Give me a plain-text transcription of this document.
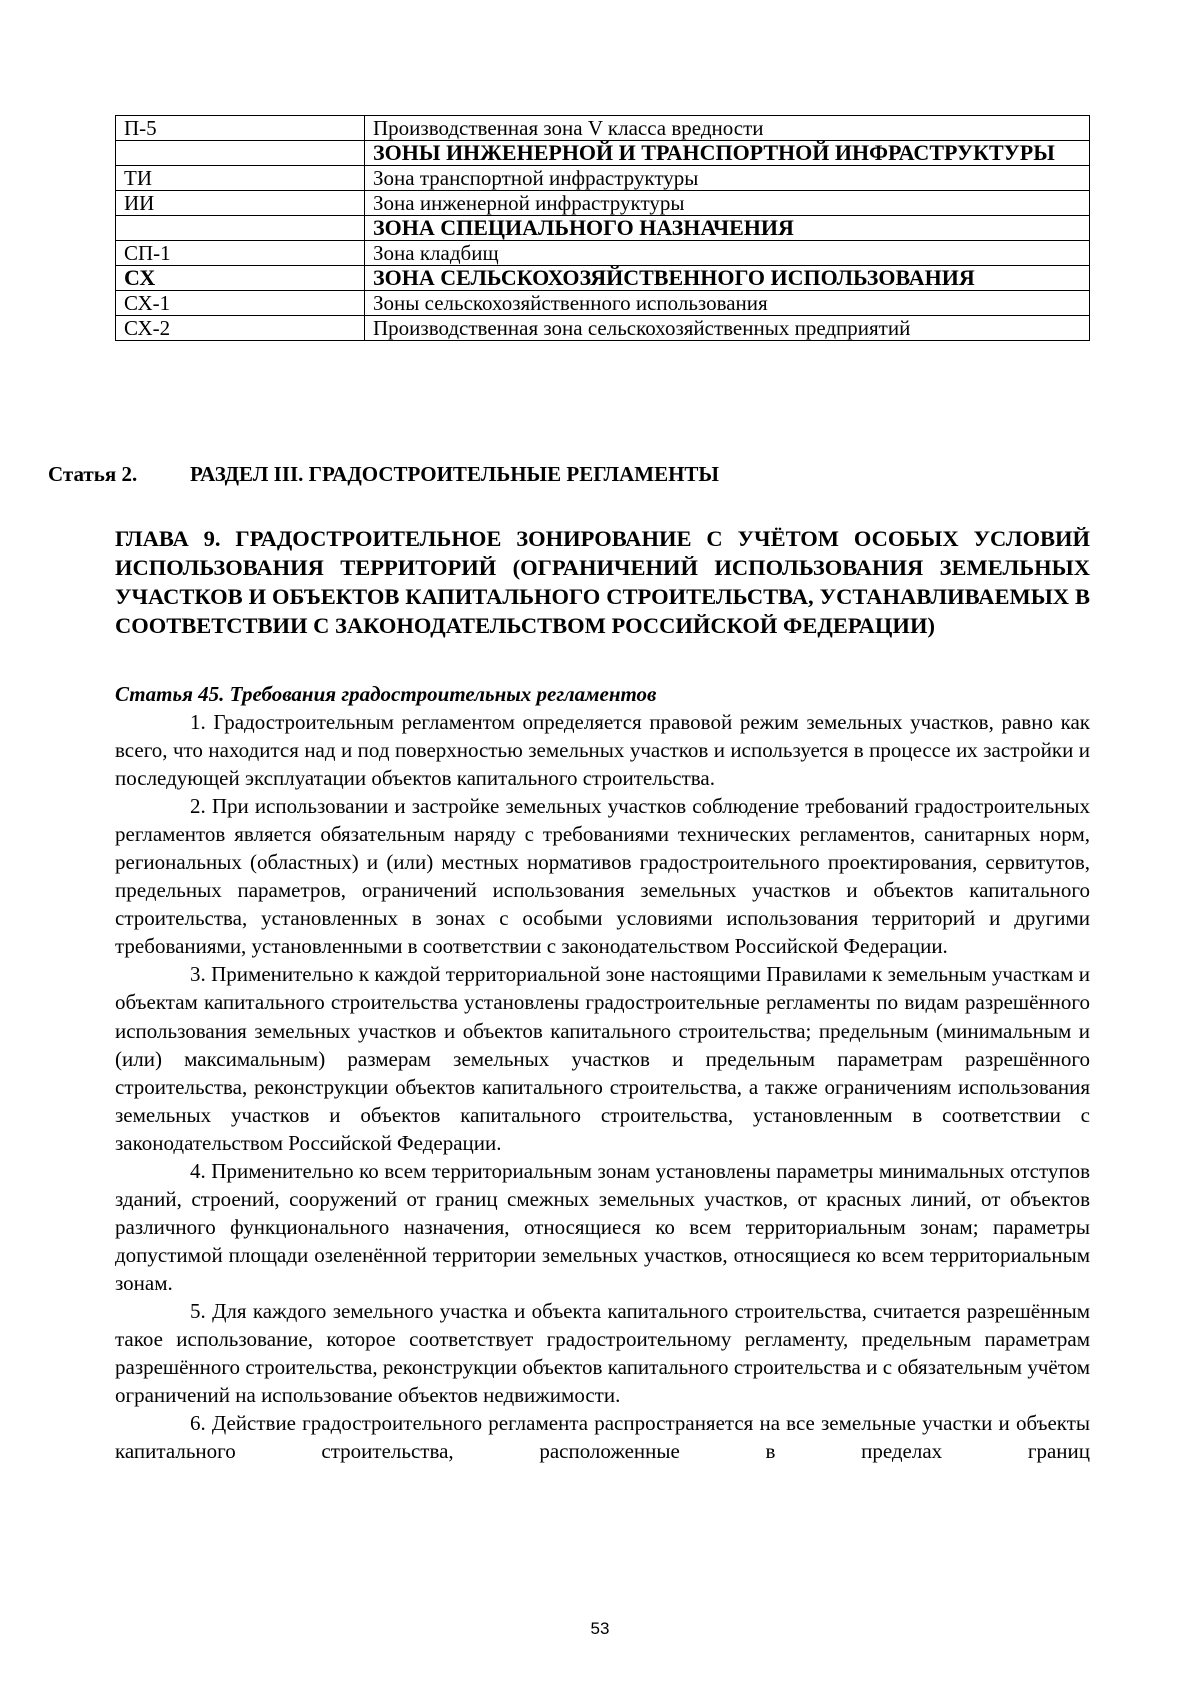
П-5	Производственная зона V класса вредности
	ЗОНЫ ИНЖЕНЕРНОЙ И ТРАНСПОРТНОЙ ИНФРАСТРУКТУРЫ
ТИ	Зона транспортной инфраструктуры
ИИ	Зона инженерной инфраструктуры
	ЗОНА СПЕЦИАЛЬНОГО НАЗНАЧЕНИЯ
СП-1	Зона кладбищ
СХ	ЗОНА СЕЛЬСКОХОЗЯЙСТВЕННОГО ИСПОЛЬЗОВАНИЯ
СХ-1	Зоны сельскохозяйственного использования
СХ-2	Производственная зона сельскохозяйственных предприятий
Статья 2.	РАЗДЕЛ III. ГРАДОСТРОИТЕЛЬНЫЕ РЕГЛАМЕНТЫ
ГЛАВА 9. ГРАДОСТРОИТЕЛЬНОЕ ЗОНИРОВАНИЕ С УЧЁТОМ ОСОБЫХ УСЛОВИЙ ИСПОЛЬЗОВАНИЯ ТЕРРИТОРИЙ (ОГРАНИЧЕНИЙ ИСПОЛЬЗОВАНИЯ ЗЕМЕЛЬНЫХ УЧАСТКОВ И ОБЪЕКТОВ КАПИТАЛЬНОГО СТРОИТЕЛЬСТВА, УСТАНАВЛИВАЕМЫХ В СООТВЕТСТВИИ С ЗАКОНОДАТЕЛЬСТВОМ РОССИЙСКОЙ ФЕДЕРАЦИИ)
Статья 45. Требования градостроительных регламентов

1. Градостроительным регламентом определяется правовой режим земельных участков, равно как всего, что находится над и под поверхностью земельных участков и используется в процессе их застройки и последующей эксплуатации объектов капитального строительства.

2. При использовании и застройке земельных участков соблюдение требований градостроительных регламентов является обязательным наряду с требованиями технических регламентов, санитарных норм, региональных (областных) и (или) местных нормативов градостроительного проектирования, сервитутов, предельных параметров, ограничений использования земельных участков и объектов капитального строительства, установленных в зонах с особыми условиями использования территорий и другими требованиями, установленными в соответствии с законодательством Российской Федерации.

3. Применительно к каждой территориальной зоне настоящими Правилами к земельным участкам и объектам капитального строительства установлены градостроительные регламенты по видам разрешённого использования земельных участков и объектов капитального строительства; предельным (минимальным и (или) максимальным) размерам земельных участков и предельным параметрам разрешённого строительства, реконструкции объектов капитального строительства, а также ограничениям использования земельных участков и объектов капитального строительства, установленным в соответствии с законодательством Российской Федерации.

4. Применительно ко всем территориальным зонам установлены параметры минимальных отступов зданий, строений, сооружений от границ смежных земельных участков, от красных линий, от объектов различного функционального назначения, относящиеся ко всем территориальным зонам; параметры допустимой площади озеленённой территории земельных участков, относящиеся ко всем территориальным зонам.

5. Для каждого земельного участка и объекта капитального строительства, считается разрешённым такое использование, которое соответствует градостроительному регламенту, предельным параметрам разрешённого строительства, реконструкции объектов капитального строительства и с обязательным учётом ограничений на использование объектов недвижимости.

6. Действие градостроительного регламента распространяется на все земельные участки и объекты капитального строительства, расположенные в пределах границ

53
